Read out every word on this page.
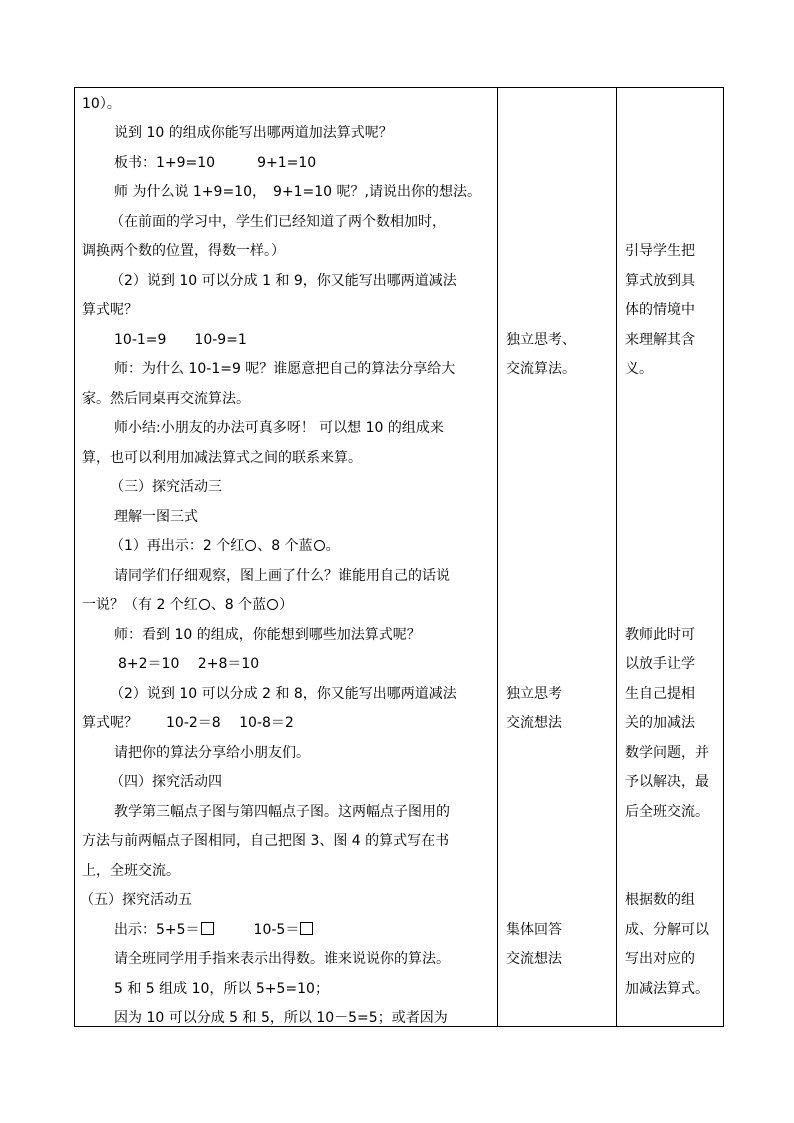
10）。
说到 10 的组成你能写出哪两道加法算式呢？
板书：1+9=10　　　9+1=10
师 为什么说 1+9=10，　9+1=10 呢？,请说出你的想法。
（在前面的学习中，学生们已经知道了两个数相加时，
调换两个数的位置，得数一样。）
（2）说到 10 可以分成 1 和 9，你又能写出哪两道减法
算式呢？
10-1=9　　10-9=1
师：为什么 10-1=9 呢？谁愿意把自己的算法分享给大
家。然后同桌再交流算法。
师小结:小朋友的办法可真多呀！ 可以想 10 的组成来
算，也可以利用加减法算式之间的联系来算。
（三）探究活动三
理解一图三式
（1）再出示：2 个红 、8 个蓝 。
请同学们仔细观察，图上画了什么？谁能用自己的话说
一说？（有 2 个红 、8 个蓝 ）
师：看到 10 的组成，你能想到哪些加法算式呢？
8+2＝10　 2+8＝10
（2）说到 10 可以分成 2 和 8，你又能写出哪两道减法
算式呢？　　10-2＝8　 10-8＝2
请把你的算法分享给小朋友们。
（四）探究活动四
教学第三幅点子图与第四幅点子图。这两幅点子图用的
方法与前两幅点子图相同，自己把图 3、图 4 的算式写在书
上，全班交流。
（五）探究活动五
出示：5+5＝	10-5＝
请全班同学用手指来表示出得数。谁来说说你的算法。
5 和 5 组成 10，所以 5+5=10；
因为 10 可以分成 5 和 5，所以 10－5=5；或者因为
独立思考、
交流算法。
独立思考
交流想法
集体回答
交流想法
引导学生把
算式放到具
体的情境中
来理解其含
义。
教师此时可
以放手让学
生自己提相
关的加减法
数学问题，并
予以解决，最
后全班交流。
根据数的组
成、分解可以
写出对应的
加减法算式。
